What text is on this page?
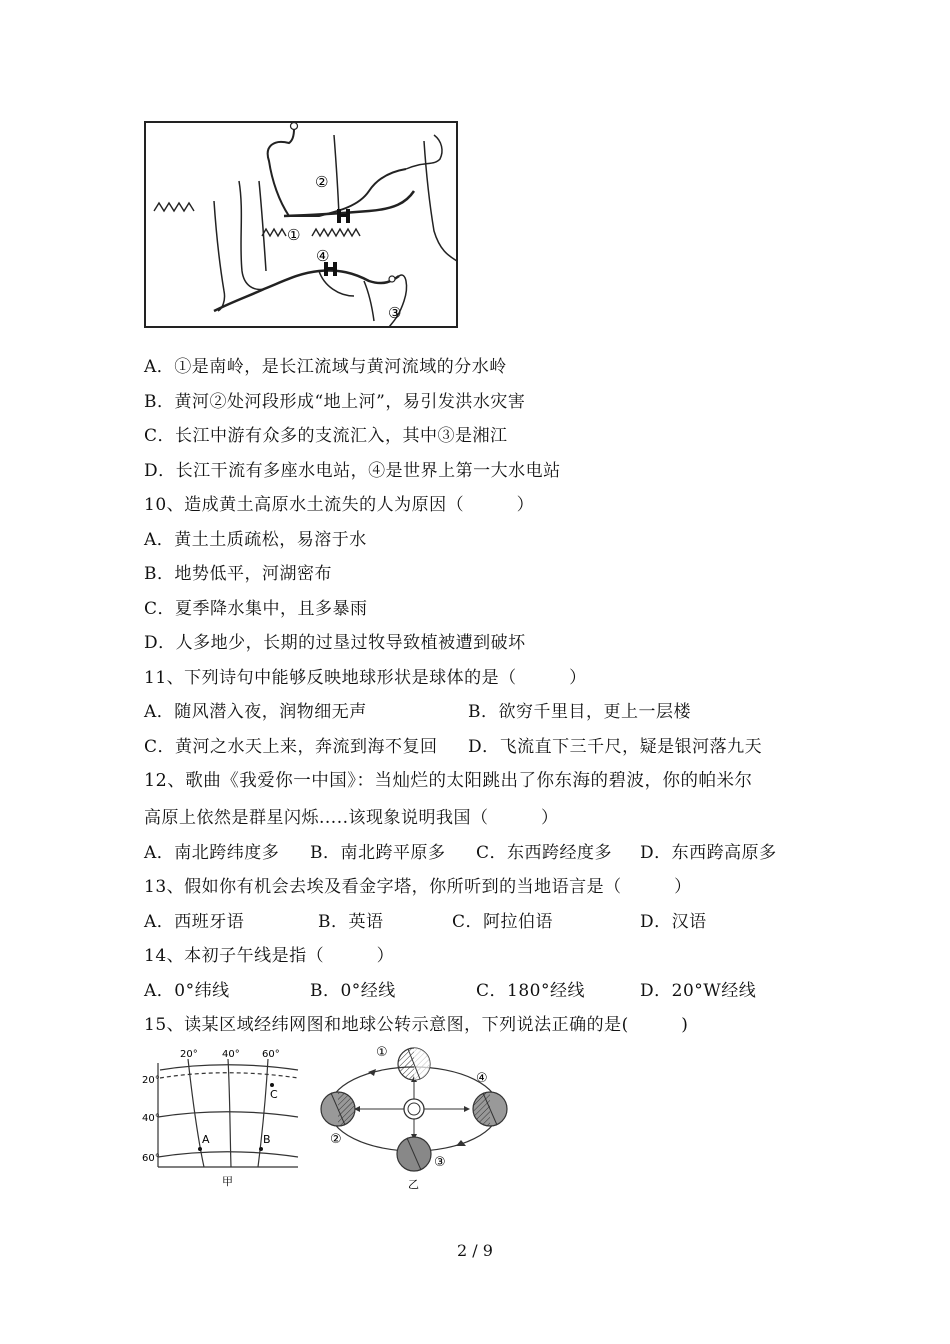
①
②
③
④
A．①是南岭，是长江流域与黄河流域的分水岭
B．黄河②处河段形成“地上河”，易引发洪水灾害
C．长江中游有众多的支流汇入，其中③是湘江
D．长江干流有多座水电站，④是世界上第一大水电站
10、造成黄土高原水土流失的人为原因（　　　）
A．黄土土质疏松，易溶于水
B．地势低平，河湖密布
C．夏季降水集中，且多暴雨
D．人多地少，长期的过垦过牧导致植被遭到破坏
11、下列诗句中能够反映地球形状是球体的是（　　　）
A．随风潜入夜，润物细无声	B．欲穷千里目，更上一层楼
C．黄河之水天上来，奔流到海不复回 D．飞流直下三千尺，疑是银河落九天
12、歌曲《我爱你一中国》：当灿烂的太阳跳出了你东海的碧波，你的帕米尔
高原上依然是群星闪烁.....该现象说明我国（　　　）
A．南北跨纬度多 B．南北跨平原多 C．东西跨经度多 D．东西跨高原多
13、假如你有机会去埃及看金字塔，你所听到的当地语言是（　　　）
A．西班牙语	B．英语	C．阿拉伯语	D．汉语
14、本初子午线是指（　　　）
A．0°纬线	B．0°经线	C．180°经线	D．20°W经线
15、读某区域经纬网图和地球公转示意图，下列说法正确的是(　　　)
20° 40° 60°
20°
40°
60°
A	B
C
甲
①
②
③
④
乙
2 / 9
